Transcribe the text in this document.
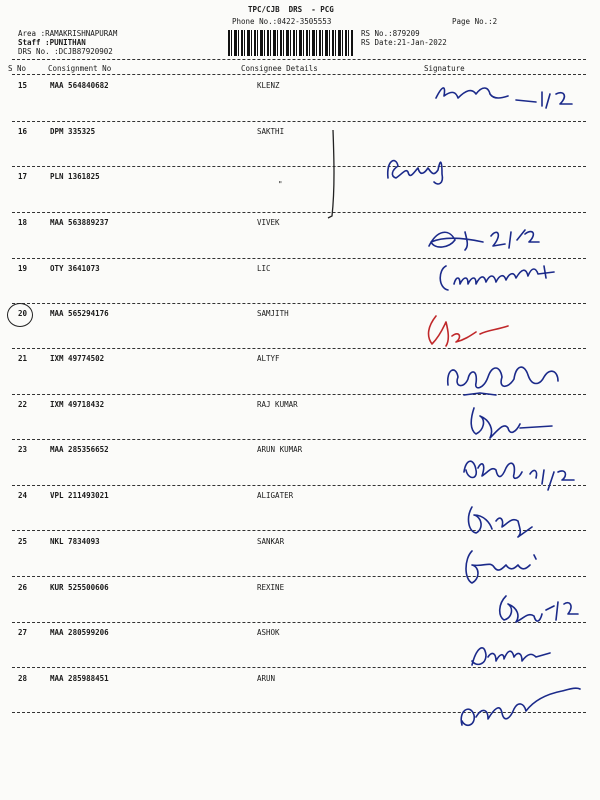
TPC/CJB  DRS  - PCG
Phone No.:0422-3505553	Page No.:2
Area :RAMAKRISHNAPURAM
Staff :PUNITHAN
DRS No. :DCJB87920902
RS No.:879209
RS Date:21-Jan-2022
S No	Consignment No	Consignee Details	Signature
15	MAA 564840682	KLENZ
16	DPM 335325	SAKTHI
17	PLN 1361825
"
18	MAA 563889237	VIVEK
19	OTY 3641073	LIC
20	MAA 565294176	SAMJITH
21	IXM 49774502	ALTYF
22	IXM 49718432	RAJ KUMAR
23	MAA 285356652	ARUN KUMAR
24	VPL 211493021	ALIGATER
25	NKL 7834093	SANKAR
26	KUR 525500606	REXINE
27	MAA 280599206	ASHOK
28	MAA 285988451	ARUN
